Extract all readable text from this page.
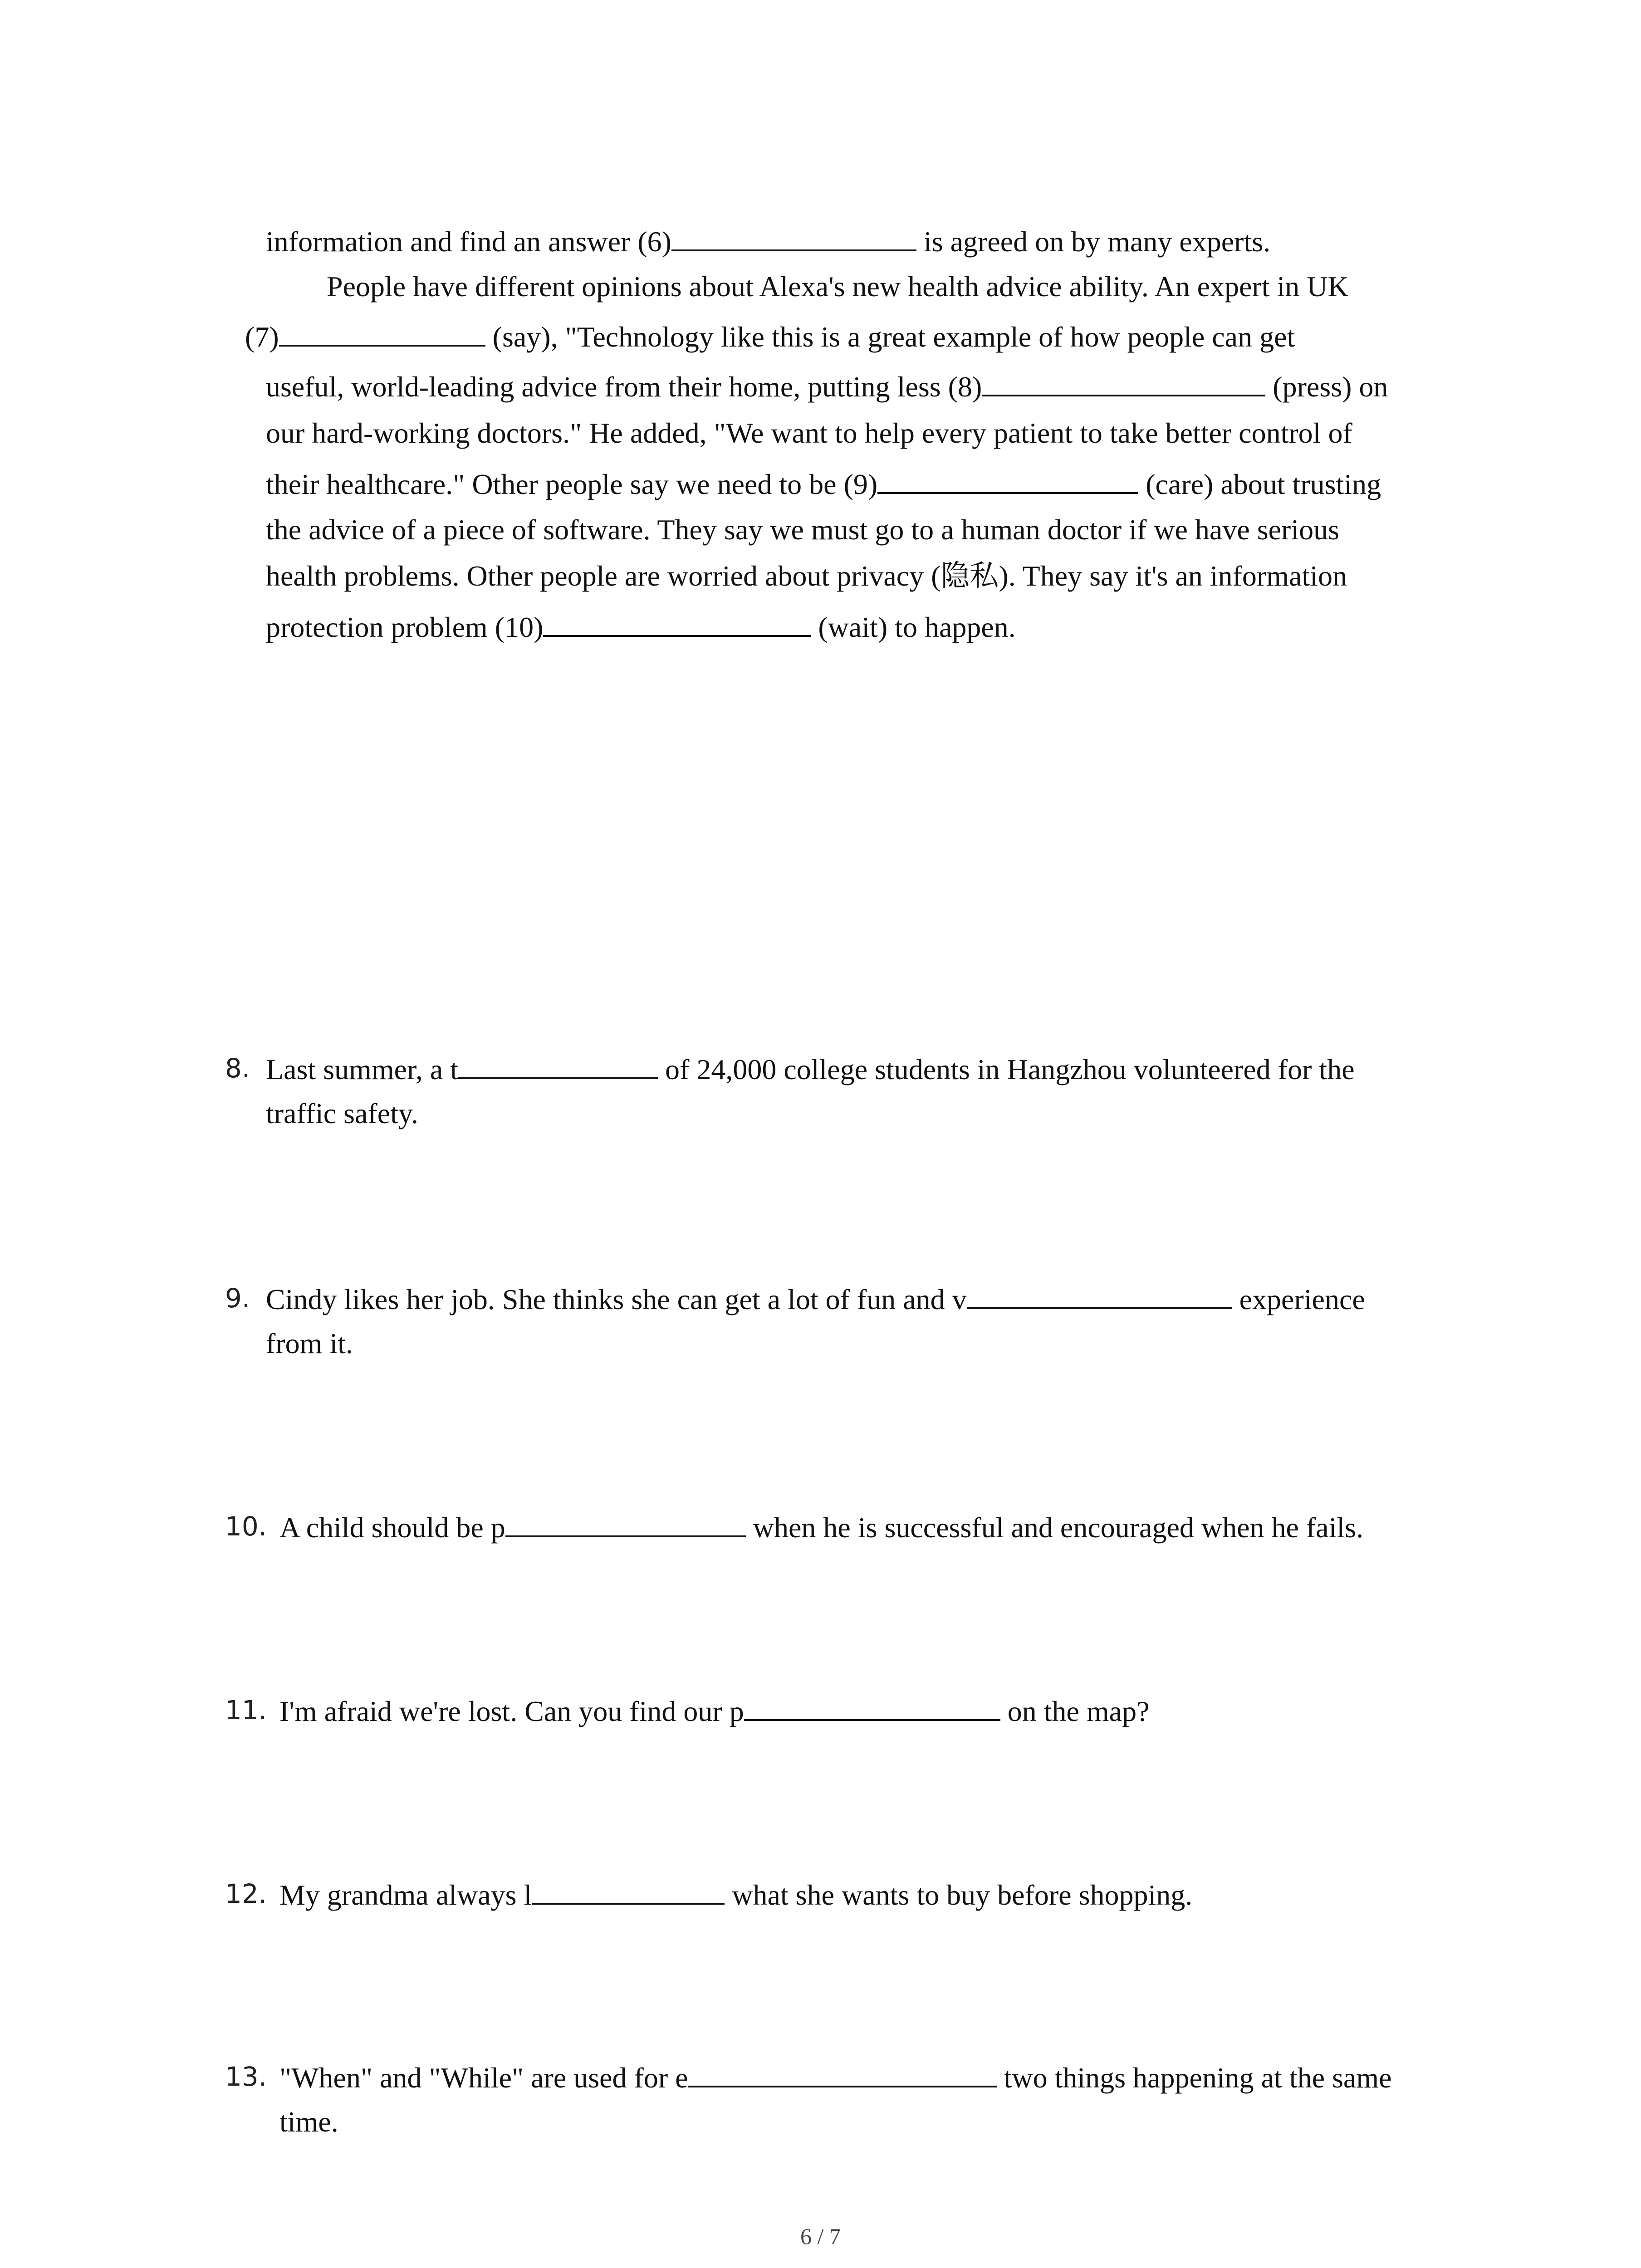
information and find an answer (6)	is agreed on by many experts.
People have different opinions about Alexa's new health advice ability. An expert in UK
(7)	(say), "Technology like this is a great example of how people can get
useful, world-leading advice from their home, putting less (8)	(press) on
our hard-working doctors." He added, "We want to help every patient to take better control of
their healthcare." Other people say we need to be (9)	(care) about trusting
the advice of a piece of software. They say we must go to a human doctor if we have serious
health problems. Other people are worried about privacy (隐私). They say it's an information
protection problem (10)	(wait) to happen.
8. Last summer, a t	of 24,000 college students in Hangzhou volunteered for the
traffic safety.
9. Cindy likes her job. She thinks she can get a lot of fun and v	experience
from it.
10. A child should be p	when he is successful and encouraged when he fails.
11. I'm afraid we're lost. Can you find our p	on the map?
12. My grandma always l	what she wants to buy before shopping.
13. "When" and "While" are used for e	two things happening at the same
time.
6 / 7
